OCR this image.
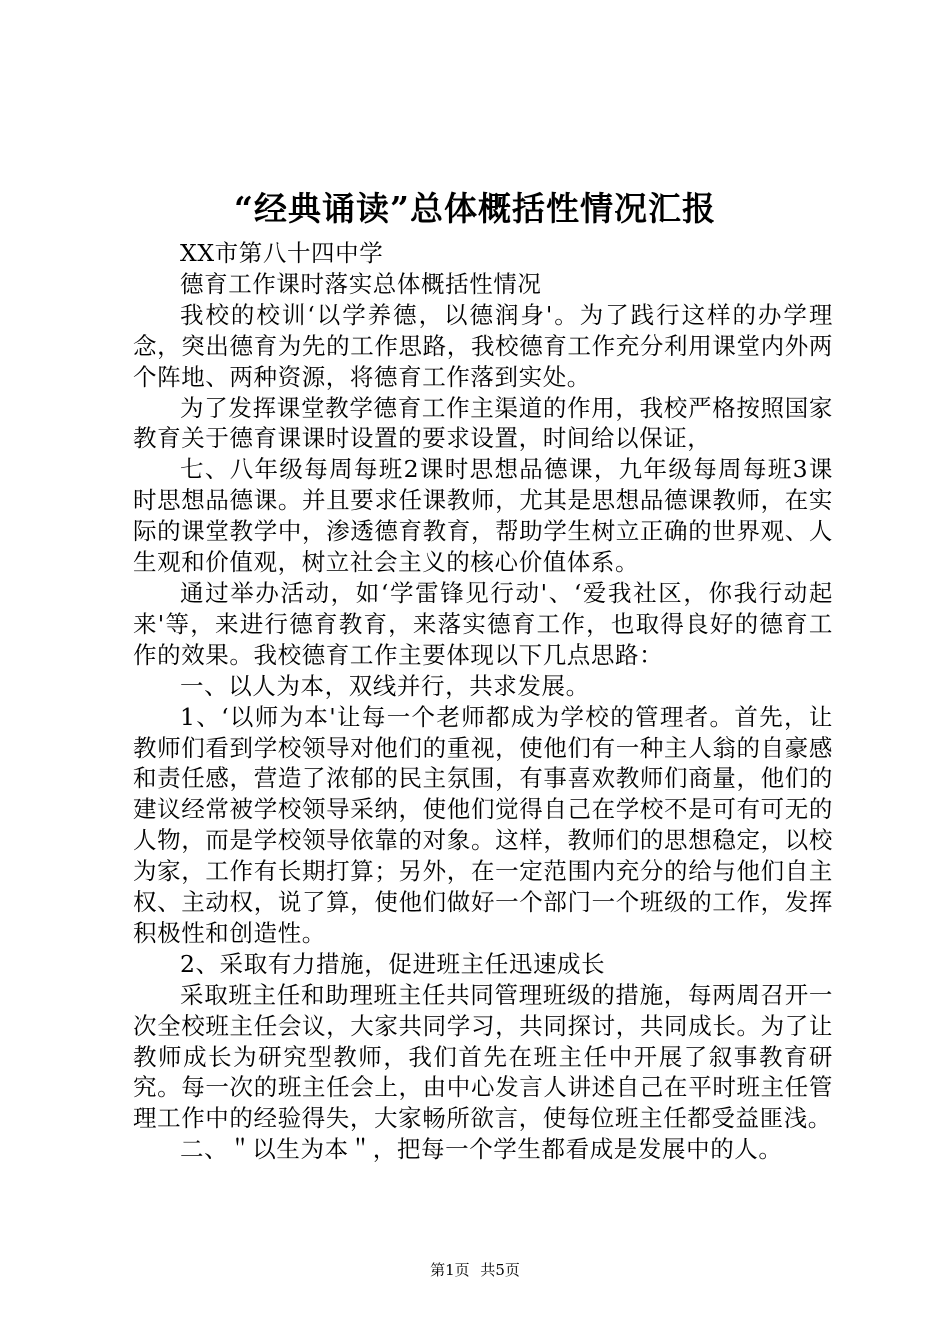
“经典诵读”总体概括性情况汇报

XX市第八十四中学

德育工作课时落实总体概括性情况

我校的校训‘以学养德，以德润身'。为了践行这样的办学理念，突出德育为先的工作思路，我校德育工作充分利用课堂内外两个阵地、两种资源，将德育工作落到实处。

为了发挥课堂教学德育工作主渠道的作用，我校严格按照国家教育关于德育课课时设置的要求设置，时间给以保证，

七、八年级每周每班2课时思想品德课，九年级每周每班3课时思想品德课。并且要求任课教师，尤其是思想品德课教师，在实际的课堂教学中，渗透德育教育，帮助学生树立正确的世界观、人生观和价值观，树立社会主义的核心价值体系。

通过举办活动，如‘学雷锋见行动'、‘爱我社区，你我行动起来'等，来进行德育教育，来落实德育工作，也取得良好的德育工作的效果。我校德育工作主要体现以下几点思路：

一、以人为本，双线并行，共求发展。

1、‘以师为本'让每一个老师都成为学校的管理者。首先，让教师们看到学校领导对他们的重视，使他们有一种主人翁的自豪感和责任感，营造了浓郁的民主氛围，有事喜欢教师们商量，他们的建议经常被学校领导采纳，使他们觉得自己在学校不是可有可无的人物，而是学校领导依靠的对象。这样，教师们的思想稳定，以校为家，工作有长期打算；另外，在一定范围内充分的给与他们自主权、主动权，说了算，使他们做好一个部门一个班级的工作，发挥积极性和创造性。

2、采取有力措施，促进班主任迅速成长

采取班主任和助理班主任共同管理班级的措施，每两周召开一次全校班主任会议，大家共同学习，共同探讨，共同成长。为了让教师成长为研究型教师，我们首先在班主任中开展了叙事教育研究。每一次的班主任会上，由中心发言人讲述自己在平时班主任管理工作中的经验得失，大家畅所欲言，使每位班主任都受益匪浅。

二、＂以生为本＂，把每一个学生都看成是发展中的人。

第1页 共5页
